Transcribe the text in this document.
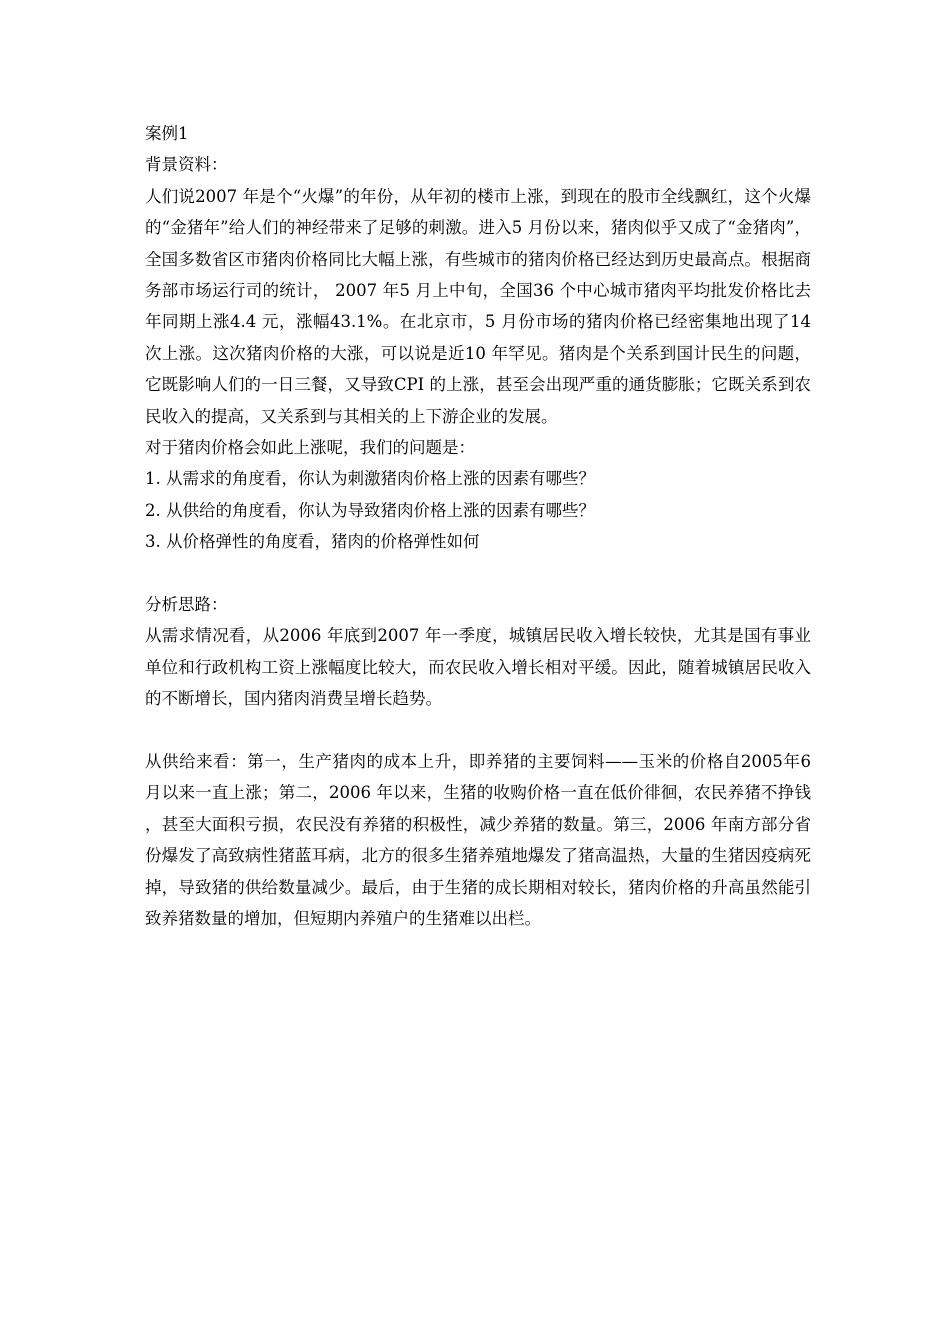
案例1
背景资料：
人们说2007 年是个“火爆”的年份，从年初的楼市上涨，到现在的股市全线飘红，这个火爆的“金猪年”给人们的神经带来了足够的刺激。进入5 月份以来，猪肉似乎又成了“金猪肉”，全国多数省区市猪肉价格同比大幅上涨，有些城市的猪肉价格已经达到历史最高点。根据商务部市场运行司的统计， 2007 年5 月上中旬，全国36 个中心城市猪肉平均批发价格比去年同期上涨4.4 元，涨幅43.1%。在北京市，5 月份市场的猪肉价格已经密集地出现了14 次上涨。这次猪肉价格的大涨，可以说是近10 年罕见。猪肉是个关系到国计民生的问题，它既影响人们的一日三餐，又导致CPI 的上涨，甚至会出现严重的通货膨胀；它既关系到农民收入的提高，又关系到与其相关的上下游企业的发展。
对于猪肉价格会如此上涨呢，我们的问题是：
1. 从需求的角度看，你认为刺激猪肉价格上涨的因素有哪些？
2. 从供给的角度看，你认为导致猪肉价格上涨的因素有哪些？
3. 从价格弹性的角度看，猪肉的价格弹性如何
分析思路：
从需求情况看，从2006 年底到2007 年一季度，城镇居民收入增长较快，尤其是国有事业单位和行政机构工资上涨幅度比较大，而农民收入增长相对平缓。因此，随着城镇居民收入的不断增长，国内猪肉消费呈增长趋势。
从供给来看：第一，生产猪肉的成本上升，即养猪的主要饲料——玉米的价格自2005年6 月以来一直上涨；第二，2006 年以来，生猪的收购价格一直在低价徘徊，农民养猪不挣钱，甚至大面积亏损，农民没有养猪的积极性，减少养猪的数量。第三，2006 年南方部分省份爆发了高致病性猪蓝耳病，北方的很多生猪养殖地爆发了猪高温热，大量的生猪因疫病死掉，导致猪的供给数量减少。最后，由于生猪的成长期相对较长，猪肉价格的升高虽然能引致养猪数量的增加，但短期内养殖户的生猪难以出栏。
